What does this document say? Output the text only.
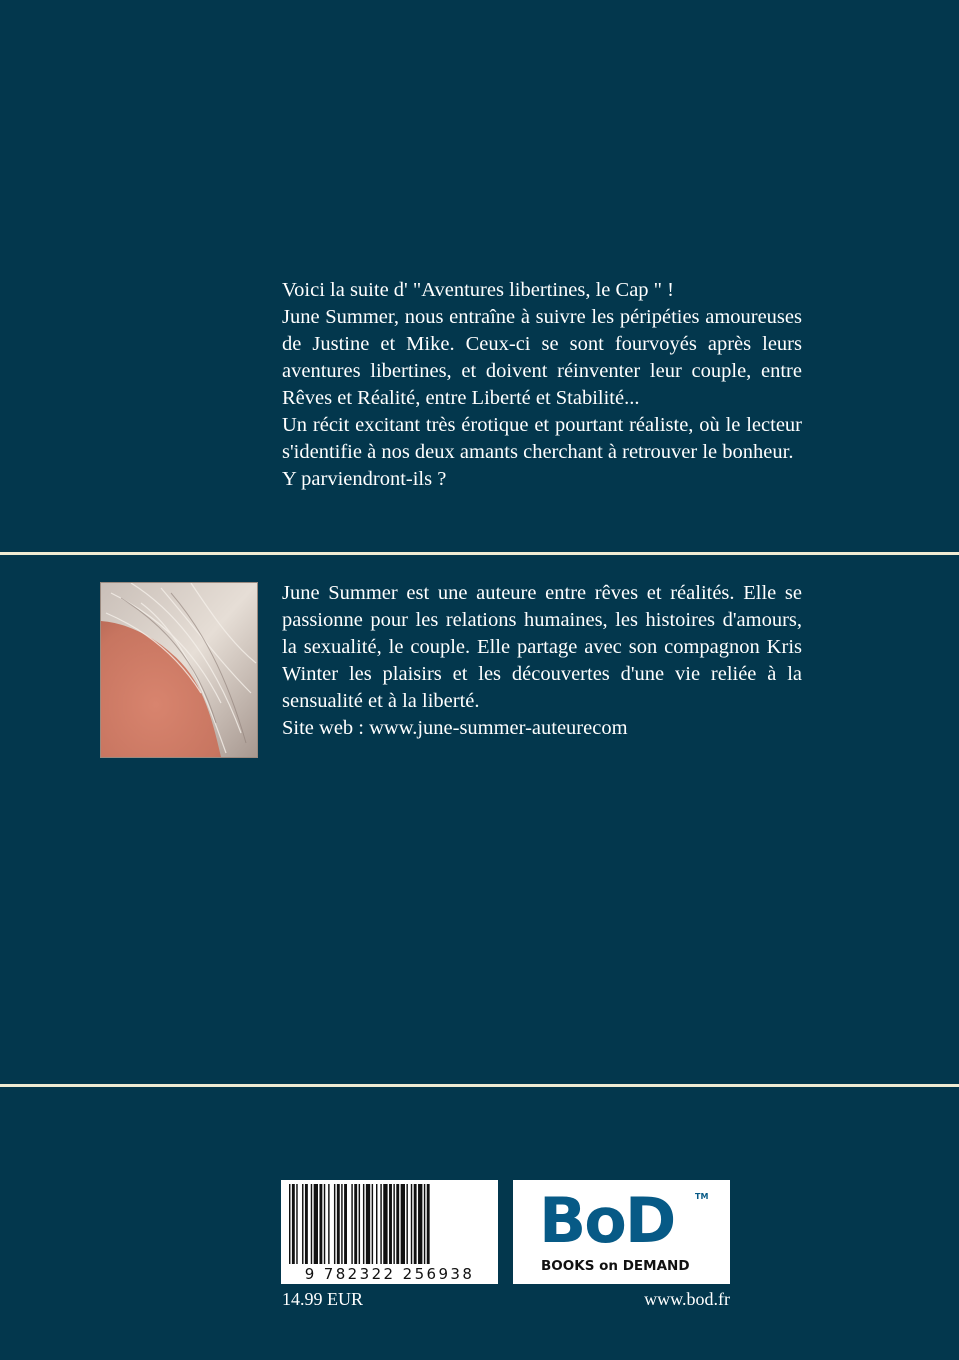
Voici la suite d' "Aventures libertines, le Cap " !

June Summer, nous entraîne à suivre les péripéties amoureuses de Justine et Mike. Ceux-ci se sont fourvoyés après leurs aventures libertines, et doivent réinventer leur couple, entre Rêves et Réalité, entre Liberté et Stabilité...

Un récit excitant très érotique et pourtant réaliste, où le lecteur s'identifie à nos deux amants cherchant à retrouver le bonheur.

Y parviendront-ils ?

June Summer est une auteure entre rêves et réalités. Elle se passionne pour les relations humaines, les histoires d'amours, la sexualité, le couple. Elle partage avec son compagnon Kris Winter les plaisirs et les découvertes d'une vie reliée à la sensualité et à la liberté.

Site web : www.june-summer-auteurecom

9 782322 256938
BoD	TM
BOOKS on DEMAND
14.99 EUR	www.bod.fr
